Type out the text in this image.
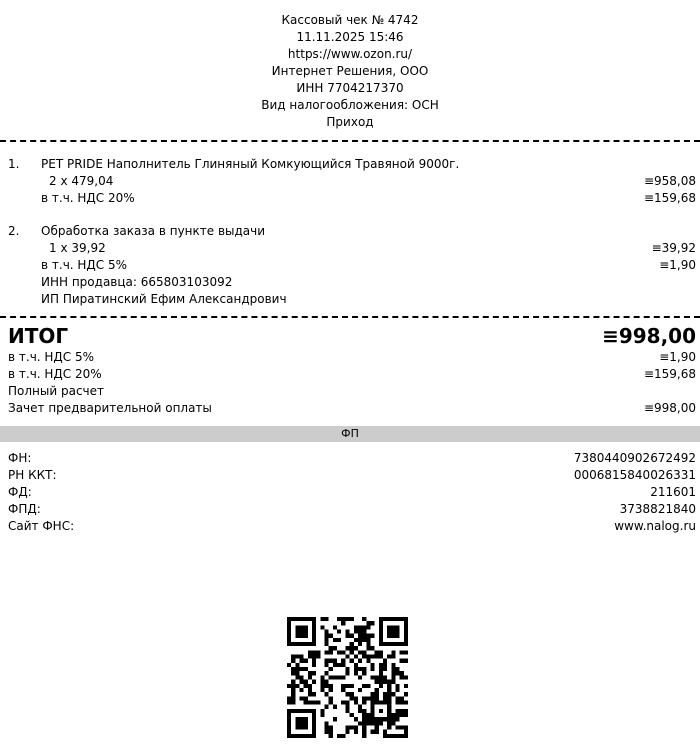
Кассовый чек № 4742
11.11.2025 15:46
https://www.ozon.ru/
Интернет Решения, ООО
ИНН 7704217370
Вид налогообложения: ОСН
Приход
1. PET PRIDE Наполнитель Глиняный Комкующийся Травяной 9000г.
2 х 479,04	≡958,08
в т.ч. НДС 20%	≡159,68
2. Обработка заказа в пункте выдачи
1 х 39,92	≡39,92
в т.ч. НДС 5%	≡1,90
ИНН продавца: 665803103092
ИП Пиратинский Ефим Александрович
ИТОГ	≡998,00
в т.ч. НДС 5%	≡1,90
в т.ч. НДС 20%	≡159,68
Полный расчет
Зачет предварительной оплаты	≡998,00
ФП
ФН:	7380440902672492
РН ККТ:	0006815840026331
ФД:	211601
ФПД:	3738821840
Сайт ФНС:	www.nalog.ru
